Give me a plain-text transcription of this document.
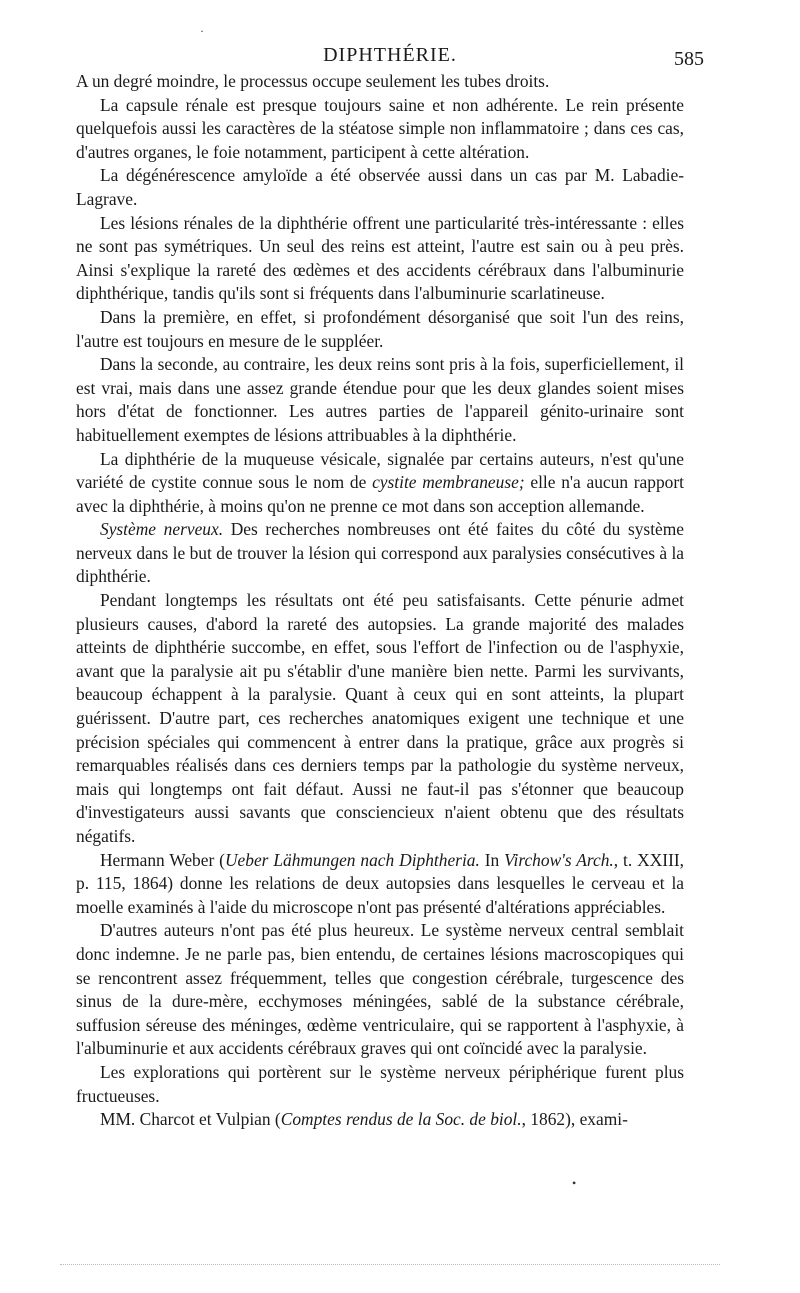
DIPHTHÉRIE.	585

A un degré moindre, le processus occupe seulement les tubes droits.

La capsule rénale est presque toujours saine et non adhérente. Le rein présente quelquefois aussi les caractères de la stéatose simple non inflammatoire ; dans ces cas, d'autres organes, le foie notamment, participent à cette altération.

La dégénérescence amyloïde a été observée aussi dans un cas par M. Labadie-Lagrave.

Les lésions rénales de la diphthérie offrent une particularité très-intéressante : elles ne sont pas symétriques. Un seul des reins est atteint, l'autre est sain ou à peu près. Ainsi s'explique la rareté des œdèmes et des accidents cérébraux dans l'albuminurie diphthérique, tandis qu'ils sont si fréquents dans l'albuminurie scarlatineuse.

Dans la première, en effet, si profondément désorganisé que soit l'un des reins, l'autre est toujours en mesure de le suppléer.

Dans la seconde, au contraire, les deux reins sont pris à la fois, superficiellement, il est vrai, mais dans une assez grande étendue pour que les deux glandes soient mises hors d'état de fonctionner. Les autres parties de l'appareil génito-urinaire sont habituellement exemptes de lésions attribuables à la diphthérie.

La diphthérie de la muqueuse vésicale, signalée par certains auteurs, n'est qu'une variété de cystite connue sous le nom de cystite membraneuse; elle n'a aucun rapport avec la diphthérie, à moins qu'on ne prenne ce mot dans son acception allemande.

Système nerveux. Des recherches nombreuses ont été faites du côté du système nerveux dans le but de trouver la lésion qui correspond aux paralysies consécutives à la diphthérie.

Pendant longtemps les résultats ont été peu satisfaisants. Cette pénurie admet plusieurs causes, d'abord la rareté des autopsies. La grande majorité des malades atteints de diphthérie succombe, en effet, sous l'effort de l'infection ou de l'asphyxie, avant que la paralysie ait pu s'établir d'une manière bien nette. Parmi les survivants, beaucoup échappent à la paralysie. Quant à ceux qui en sont atteints, la plupart guérissent. D'autre part, ces recherches anatomiques exigent une technique et une précision spéciales qui commencent à entrer dans la pratique, grâce aux progrès si remarquables réalisés dans ces derniers temps par la pathologie du système nerveux, mais qui longtemps ont fait défaut. Aussi ne faut-il pas s'étonner que beaucoup d'investigateurs aussi savants que consciencieux n'aient obtenu que des résultats négatifs.

Hermann Weber (Ueber Lähmungen nach Diphtheria. In Virchow's Arch., t. XXIII, p. 115, 1864) donne les relations de deux autopsies dans lesquelles le cerveau et la moelle examinés à l'aide du microscope n'ont pas présenté d'altérations appréciables.

D'autres auteurs n'ont pas été plus heureux. Le système nerveux central semblait donc indemne. Je ne parle pas, bien entendu, de certaines lésions macroscopiques qui se rencontrent assez fréquemment, telles que congestion cérébrale, turgescence des sinus de la dure-mère, ecchymoses méningées, sablé de la substance cérébrale, suffusion séreuse des méninges, œdème ventriculaire, qui se rapportent à l'asphyxie, à l'albuminurie et aux accidents cérébraux graves qui ont coïncidé avec la paralysie.

Les explorations qui portèrent sur le système nerveux périphérique furent plus fructueuses.

MM. Charcot et Vulpian (Comptes rendus de la Soc. de biol., 1862), exami-

·
•
